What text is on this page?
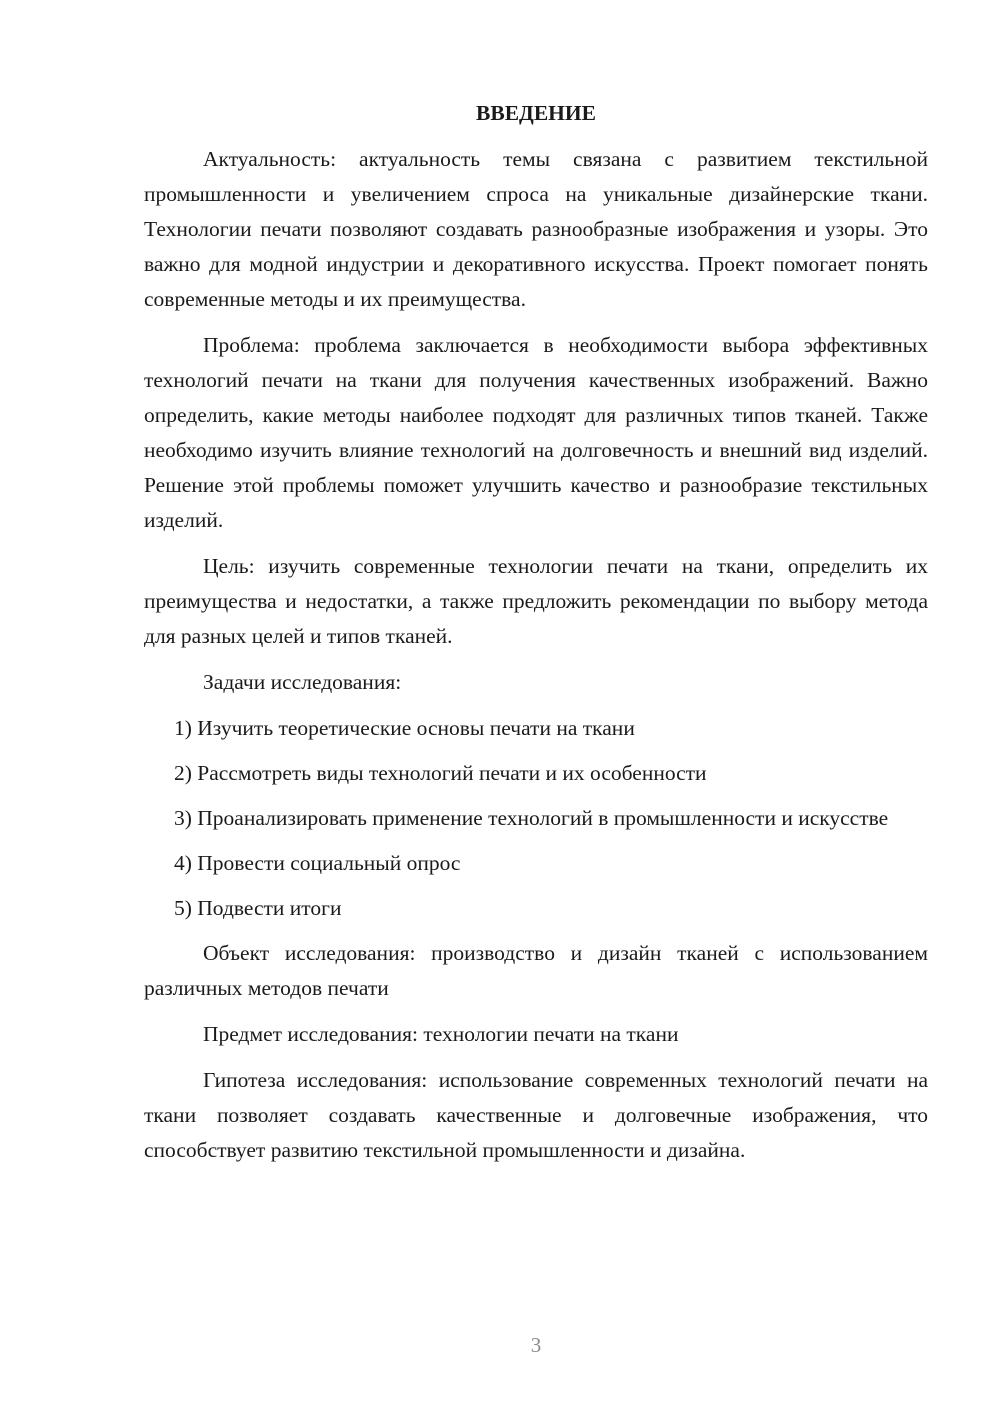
ВВЕДЕНИЕ

Актуальность: актуальность темы связана с развитием текстильной промышленности и увеличением спроса на уникальные дизайнерские ткани. Технологии печати позволяют создавать разнообразные изображения и узоры. Это важно для модной индустрии и декоративного искусства. Проект помогает понять современные методы и их преимущества.

Проблема: проблема заключается в необходимости выбора эффективных технологий печати на ткани для получения качественных изображений. Важно определить, какие методы наиболее подходят для различных типов тканей. Также необходимо изучить влияние технологий на долговечность и внешний вид изделий. Решение этой проблемы поможет улучшить качество и разнообразие текстильных изделий.

Цель: изучить современные технологии печати на ткани, определить их преимущества и недостатки, а также предложить рекомендации по выбору метода для разных целей и типов тканей.

Задачи исследования:

1) Изучить теоретические основы печати на ткани

2) Рассмотреть виды технологий печати и их особенности

3) Проанализировать применение технологий в промышленности и искусстве

4) Провести социальный опрос

5) Подвести итоги

Объект исследования: производство и дизайн тканей с использованием различных методов печати

Предмет исследования: технологии печати на ткани

Гипотеза исследования: использование современных технологий печати на ткани позволяет создавать качественные и долговечные изображения, что способствует развитию текстильной промышленности и дизайна.

3
